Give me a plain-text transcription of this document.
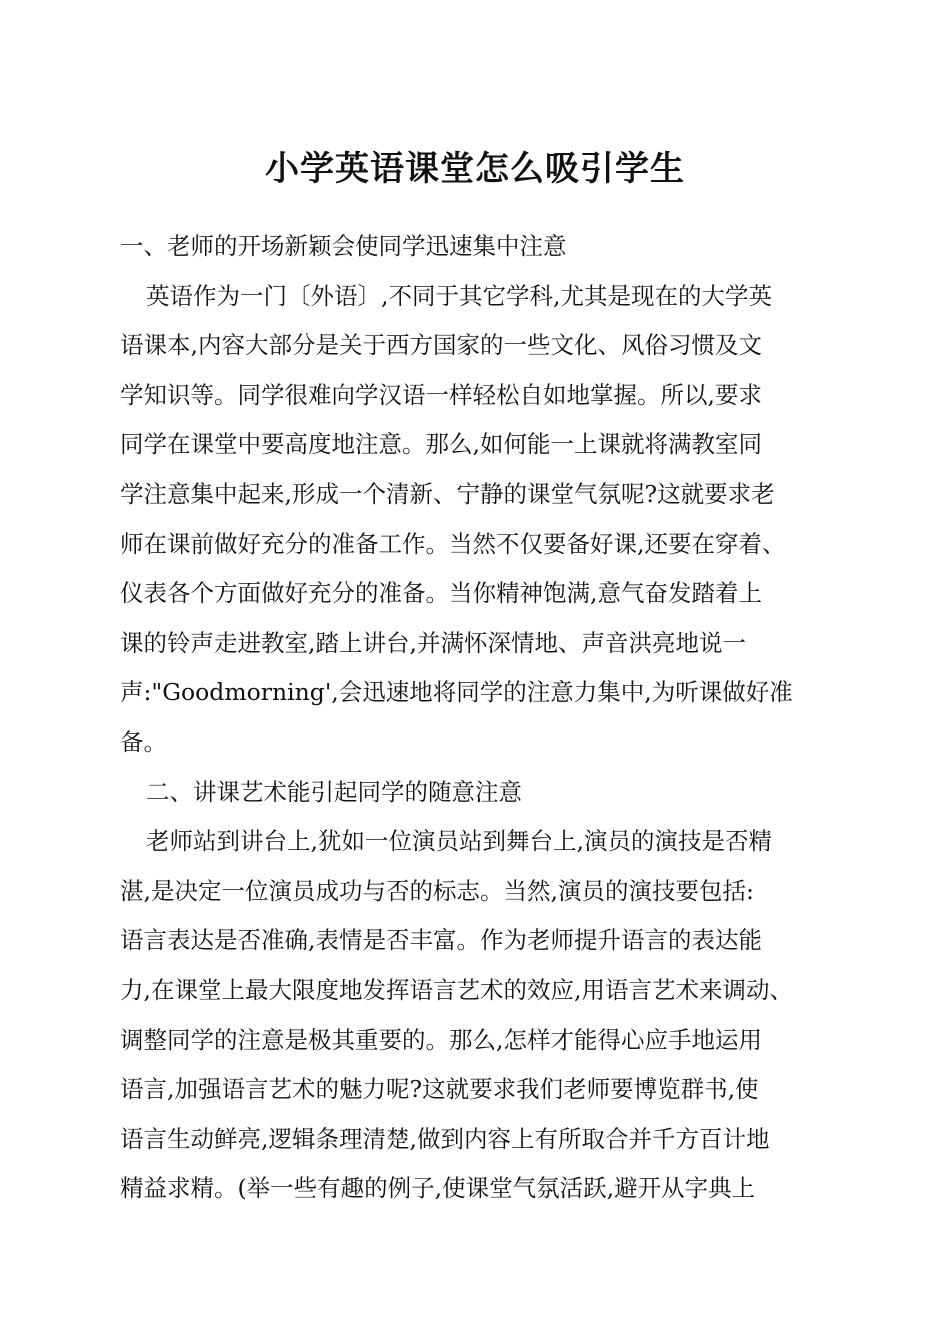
小学英语课堂怎么吸引学生
一、老师的开场新颖会使同学迅速集中注意
英语作为一门〔外语〕,不同于其它学科,尤其是现在的大学英
语课本,内容大部分是关于西方国家的一些文化、风俗习惯及文
学知识等。同学很难向学汉语一样轻松自如地掌握。所以,要求
同学在课堂中要高度地注意。那么,如何能一上课就将满教室同
学注意集中起来,形成一个清新、宁静的课堂气氛呢?这就要求老
师在课前做好充分的准备工作。当然不仅要备好课,还要在穿着、
仪表各个方面做好充分的准备。当你精神饱满,意气奋发踏着上
课的铃声走进教室,踏上讲台,并满怀深情地、声音洪亮地说一
声:"Goodmorning',会迅速地将同学的注意力集中,为听课做好准
备。
二、讲课艺术能引起同学的随意注意
老师站到讲台上,犹如一位演员站到舞台上,演员的演技是否精
湛,是决定一位演员成功与否的标志。当然,演员的演技要包括:
语言表达是否准确,表情是否丰富。作为老师提升语言的表达能
力,在课堂上最大限度地发挥语言艺术的效应,用语言艺术来调动、
调整同学的注意是极其重要的。那么,怎样才能得心应手地运用
语言,加强语言艺术的魅力呢?这就要求我们老师要博览群书,使
语言生动鲜亮,逻辑条理清楚,做到内容上有所取合并千方百计地
精益求精。(举一些有趣的例子,使课堂气氛活跃,避开从字典上
